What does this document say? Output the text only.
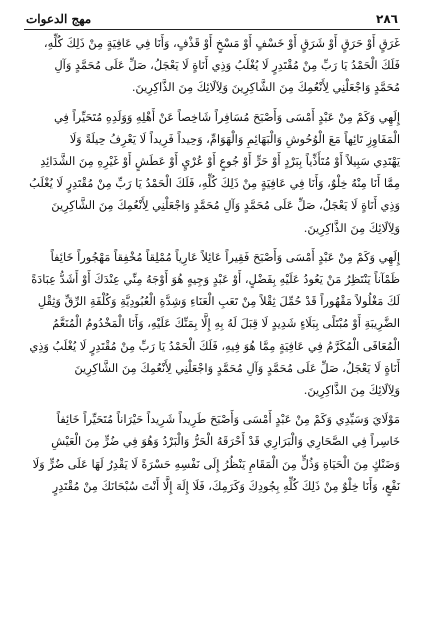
٢٨٦
مهج الدعوات

غَرَقٍ أَوْ حَرَقٍ أَوْ شَرَقٍ أَوْ خَسْفٍ أَوْ مَسْخٍ أَوْ قَذْفٍ، وَأَنَا فِي عَافِيَةٍ مِنْ ذَلِكَ كُلِّهِ،
فَلَكَ الْحَمْدُ يَا رَبِّ مِنْ مُقْتَدِرٍ لَا يُغْلَبُ وَذِي أَنَاةٍ لَا يَعْجَلُ، صَلِّ عَلَى مُحَمَّدٍ وَآلِ
مُحَمَّدٍ وَاجْعَلْنِي لِأَنْعُمِكَ مِنَ الشَّاكِرِينَ وَلِآلَائِكَ مِنَ الذَّاكِرِينَ.

إِلَهِي وَكَمْ مِنْ عَبْدٍ أَمْسَى وَأَصْبَحَ مُسَافِراً شَاخِصاً عَنْ أَهْلِهِ وَوَلَدِهِ مُتَحَيِّراً فِي
الْمَفَاوِزِ تَائِهاً مَعَ الْوُحُوشِ وَالْبَهَائِمِ وَالْهَوَامِّ، وَحِيداً فَرِيداً لَا يَعْرِفُ حِيلَةً وَلَا
يَهْتَدِي سَبِيلاً أَوْ مُتَأَذِّياً بِبَرْدٍ أَوْ حَرٍّ أَوْ جُوعٍ أَوْ عُرْيٍ أَوْ عَطَشٍ أَوْ غَيْرِهِ مِنَ الشَّدَائِدِ
مِمَّا أَنَا مِنْهُ خِلْوٌ، وَأَنَا فِي عَافِيَةٍ مِنْ ذَلِكَ كُلِّهِ، فَلَكَ الْحَمْدُ يَا رَبِّ مِنْ مُقْتَدِرٍ لَا يُغْلَبُ
وَذِي أَنَاةٍ لَا يَعْجَلُ، صَلِّ عَلَى مُحَمَّدٍ وَآلِ مُحَمَّدٍ وَاجْعَلْنِي لِأَنْعُمِكَ مِنَ الشَّاكِرِينَ
وَلِآلَائِكَ مِنَ الذَّاكِرِينَ.

إِلَهِي وَكَمْ مِنْ عَبْدٍ أَمْسَى وَأَصْبَحَ فَقِيراً عَائِلاً عَارِياً مُمْلِقاً مُخْفِقاً مَهْجُوراً خَائِفاً
ظَمْآناً يَنْتَظِرُ مَنْ يَعُودُ عَلَيْهِ بِفَضْلٍ، أَوْ عَبْدٍ وَجِيهٍ هُوَ أَوْجَهُ مِنِّي عِنْدَكَ أَوْ أَشَدُّ عِبَادَةً
لَكَ مَغْلُولاً مَقْهُوراً قَدْ حُمِّلَ ثِقْلاً مِنْ تَعَبِ الْعَنَاءِ وَشِدَّةِ الْعُبُودِيَّةِ وَكُلْفَةِ الرِّقِّ وَثِقْلِ
الضَّرِيبَةِ أَوْ مُبْتَلًى بِبَلَاءٍ شَدِيدٍ لَا قِبَلَ لَهُ بِهِ إِلَّا بِمَنِّكَ عَلَيْهِ، وَأَنَا الْمَخْدُومُ الْمُنَعَّمُ
الْمُعَافَى الْمُكَرَّمُ فِي عَافِيَةٍ مِمَّا هُوَ فِيهِ، فَلَكَ الْحَمْدُ يَا رَبِّ مِنْ مُقْتَدِرٍ لَا يُغْلَبُ وَذِي
أَنَاةٍ لَا يَعْجَلُ، صَلِّ عَلَى مُحَمَّدٍ وَآلِ مُحَمَّدٍ وَاجْعَلْنِي لِأَنْعُمِكَ مِنَ الشَّاكِرِينَ
وَلِآلَائِكَ مِنَ الذَّاكِرِينَ.

مَوْلَايَ وَسَيِّدِي وَكَمْ مِنْ عَبْدٍ أَمْسَى وَأَصْبَحَ طَرِيداً شَرِيداً حَيْرَاناً مُتَحَيِّراً خَائِفاً
خَاسِراً فِي الصَّحَارِي وَالْبَرَارِي قَدْ أَحْرَقَهُ الْحَرُّ وَالْبَرْدُ وَهُوَ فِي ضُرٍّ مِنَ الْعَيْشِ
وَضَنْكٍ مِنَ الْحَيَاةِ وَذُلٍّ مِنَ الْمَقَامِ يَنْظُرُ إِلَى نَفْسِهِ حَسْرَةً لَا يَقْدِرُ لَهَا عَلَى ضُرٍّ وَلَا
نَفْعٍ، وَأَنَا خِلْوٌ مِنْ ذَلِكَ كُلِّهِ بِجُودِكَ وَكَرَمِكَ، فَلَا إِلَهَ إِلَّا أَنْتَ سُبْحَانَكَ مِنْ مُقْتَدِرٍ
